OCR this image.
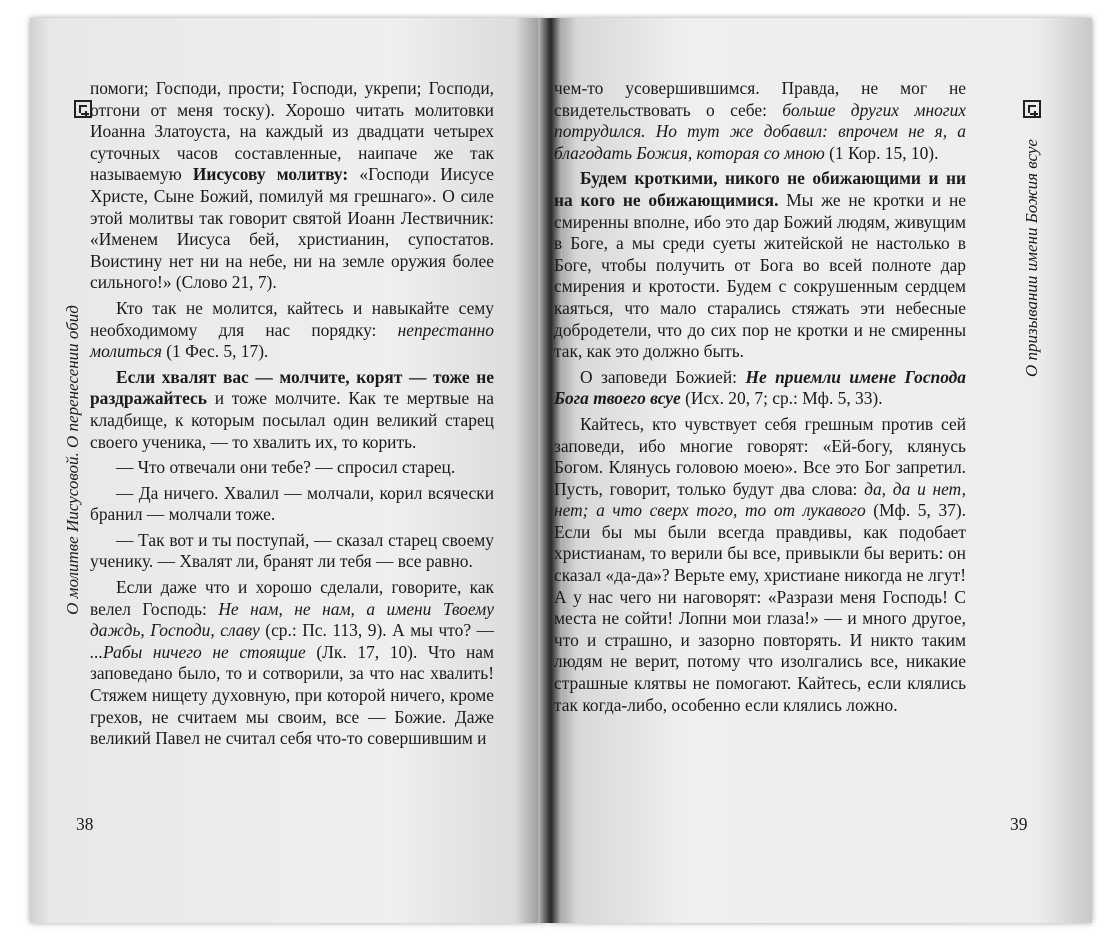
О молитве Иисусовой. О перенесении обид
О призывании имени Божия всуе

помоги; Господи, прости; Господи, укрепи; Господи, отгони от меня тоску). Хорошо читать молитовки Иоанна Златоуста, на каждый из двадцати четырех суточных часов составленные, наипаче же так называемую Иисусову молитву: «Господи Иисусе Христе, Сыне Божий, помилуй мя грешнаго». О силе этой молитвы так говорит святой Иоанн Лествичник: «Именем Иисуса бей, христианин, супостатов. Воистину нет ни на небе, ни на земле оружия более сильного!» (Слово 21, 7).

Кто так не молится, кайтесь и навыкайте сему необходимому для нас порядку: непрестанно молиться (1 Фес. 5, 17).

Если хвалят вас — молчите, корят — тоже не раздражайтесь и тоже молчите. Как те мертвые на кладбище, к которым посылал один великий старец своего ученика, — то хвалить их, то корить.

— Что отвечали они тебе? — спросил старец.

— Да ничего. Хвалил — молчали, корил всячески бранил — молчали тоже.

— Так вот и ты поступай, — сказал старец своему ученику. — Хвалят ли, бранят ли тебя — все равно.

Если даже что и хорошо сделали, говорите, как велел Господь: Не нам, не нам, а имени Твоему даждь, Господи, славу (ср.: Пс. 113, 9). А мы что? — ...Рабы ничего не стоящие (Лк. 17, 10). Что нам заповедано было, то и сотворили, за что нас хвалить! Стяжем нищету духовную, при которой ничего, кроме грехов, не считаем мы своим, все — Божие. Даже великий Павел не считал себя что-то совершившим и

чем-то усовершившимся. Правда, не мог не свидетельствовать о себе: больше других многих потрудился. Но тут же добавил: впрочем не я, а благодать Божия, которая со мною (1 Кор. 15, 10).

Будем кроткими, никого не обижающими и ни на кого не обижающимися. Мы же не кротки и не смиренны вполне, ибо это дар Божий людям, живущим в Боге, а мы среди суеты житейской не настолько в Боге, чтобы получить от Бога во всей полноте дар смирения и кротости. Будем с сокрушенным сердцем каяться, что мало старались стяжать эти небесные добродетели, что до сих пор не кротки и не смиренны так, как это должно быть.

О заповеди Божией: Не приемли имене Господа Бога твоего всуе (Исх. 20, 7; ср.: Мф. 5, 33).

Кайтесь, кто чувствует себя грешным против сей заповеди, ибо многие говорят: «Ей-богу, клянусь Богом. Клянусь головою моею». Все это Бог запретил. Пусть, говорит, только будут два слова: да, да и нет, нет; а что сверх того, то от лукавого (Мф. 5, 37). Если бы мы были всегда правдивы, как подобает христианам, то верили бы все, привыкли бы верить: он сказал «да-да»? Верьте ему, христиане никогда не лгут! А у нас чего ни наговорят: «Разрази меня Господь! С места не сойти! Лопни мои глаза!» — и много другое, что и страшно, и зазорно повторять. И никто таким людям не верит, потому что изолгались все, никакие страшные клятвы не помогают. Кайтесь, если клялись так когда-либо, особенно если клялись ложно.

38	39
